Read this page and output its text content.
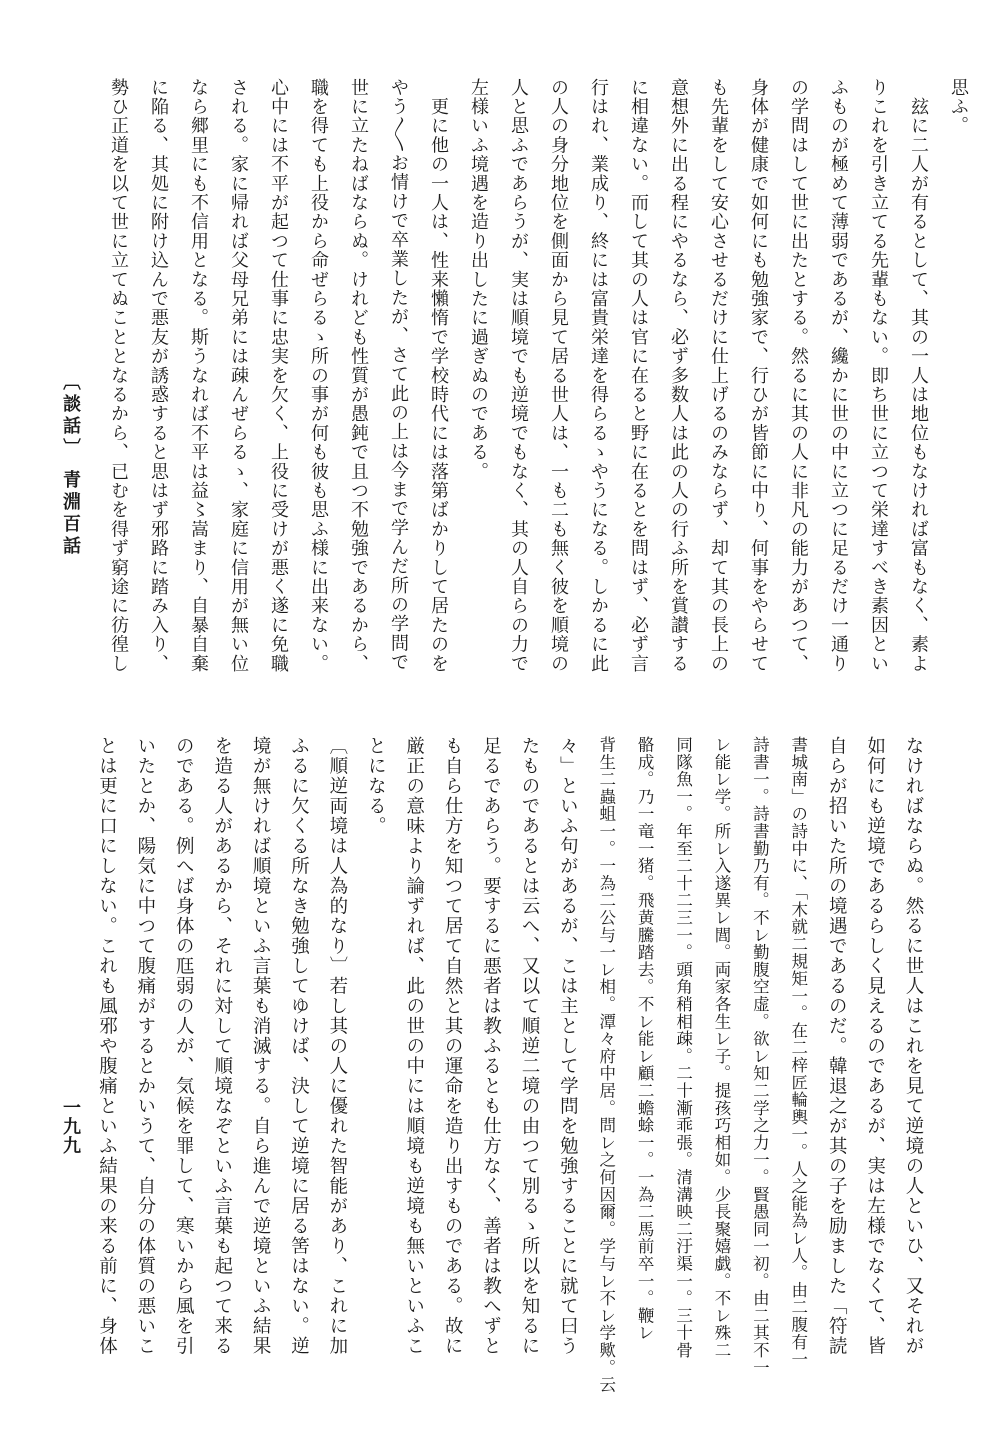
思ふ。
　玆に二人が有るとして、其の一人は地位もなければ富もなく、素よ
りこれを引き立てる先輩もない。即ち世に立つて栄達すべき素因とい
ふものが極めて薄弱であるが、纔かに世の中に立つに足るだけ一通り
の学問はして世に出たとする。然るに其の人に非凡の能力があつて、
身体が健康で如何にも勉強家で、行ひが皆節に中り、何事をやらせて
も先輩をして安心させるだけに仕上げるのみならず、却て其の長上の
意想外に出る程にやるなら、必ず多数人は此の人の行ふ所を賞讃する
に相違ない。而して其の人は官に在ると野に在るとを問はず、必ず言
行はれ、業成り、終には富貴栄達を得らるゝやうになる。しかるに此
の人の身分地位を側面から見て居る世人は、一も二も無く彼を順境の
人と思ふであらうが、実は順境でも逆境でもなく、其の人自らの力で
左様いふ境遇を造り出したに過ぎぬのである。
　更に他の一人は、性来懶惰で学校時代には落第ばかりして居たのを
やう〱お情けで卒業したが、さて此の上は今まで学んだ所の学問で
世に立たねばならぬ。けれども性質が愚鈍で且つ不勉強であるから、
職を得ても上役から命ぜらるゝ所の事が何も彼も思ふ様に出来ない。
心中には不平が起つて仕事に忠実を欠く、上役に受けが悪く遂に免職
される。家に帰れば父母兄弟には疎んぜらるゝ、家庭に信用が無い位
なら郷里にも不信用となる。斯うなれば不平は益〻嵩まり、自暴自棄
に陥る、其処に附け込んで悪友が誘惑すると思はず邪路に踏み入り、
勢ひ正道を以て世に立てぬこととなるから、已むを得ず窮途に彷徨し
なければならぬ。然るに世人はこれを見て逆境の人といひ、又それが
如何にも逆境であるらしく見えるのであるが、実は左様でなくて、皆
自らが招いた所の境遇であるのだ。韓退之が其の子を励ました「符読
書城南」の詩中に、「木就二規矩一。在二梓匠輪輿一。人之能為レ人。由二腹有一
詩書一。詩書勤乃有。不レ勤腹空虚。欲レ知二学之力一。賢愚同一初。由二其不一
レ能レ学。所レ入遂異レ閭。両家各生レ子。提孩巧相如。少長聚嬉戯。不レ殊二
同隊魚一。年至二十二三一。頭角稍相疎。二十漸乖張。清溝映二汙渠一。三十骨
骼成。乃一竜一猪。飛黄騰踏去。不レ能レ顧二蟾蜍一。一為二馬前卒一。鞭レ
背生二蟲蛆一。一為二公与一レ相。潭々府中居。問レ之何因爾。学与レ不レ学歟。云
々」といふ句があるが、こは主として学問を勉強することに就て曰う
たものであるとは云へ、又以て順逆二境の由つて別るゝ所以を知るに
足るであらう。要するに悪者は教ふるとも仕方なく、善者は教へずと
も自ら仕方を知つて居て自然と其の運命を造り出すものである。故に
厳正の意味より論ずれば、此の世の中には順境も逆境も無いといふこ
とになる。
〔順逆両境は人為的なり〕若し其の人に優れた智能があり、これに加
ふるに欠くる所なき勉強してゆけば、決して逆境に居る筈はない。逆
境が無ければ順境といふ言葉も消滅する。自ら進んで逆境といふ結果
を造る人があるから、それに対して順境なぞといふ言葉も起つて来る
のである。例へば身体の尫弱の人が、気候を罪して、寒いから風を引
いたとか、陽気に中つて腹痛がするとかいうて、自分の体質の悪いこ
とは更に口にしない。これも風邪や腹痛といふ結果の来る前に、身体
〔談話〕 青淵百話
一九九
